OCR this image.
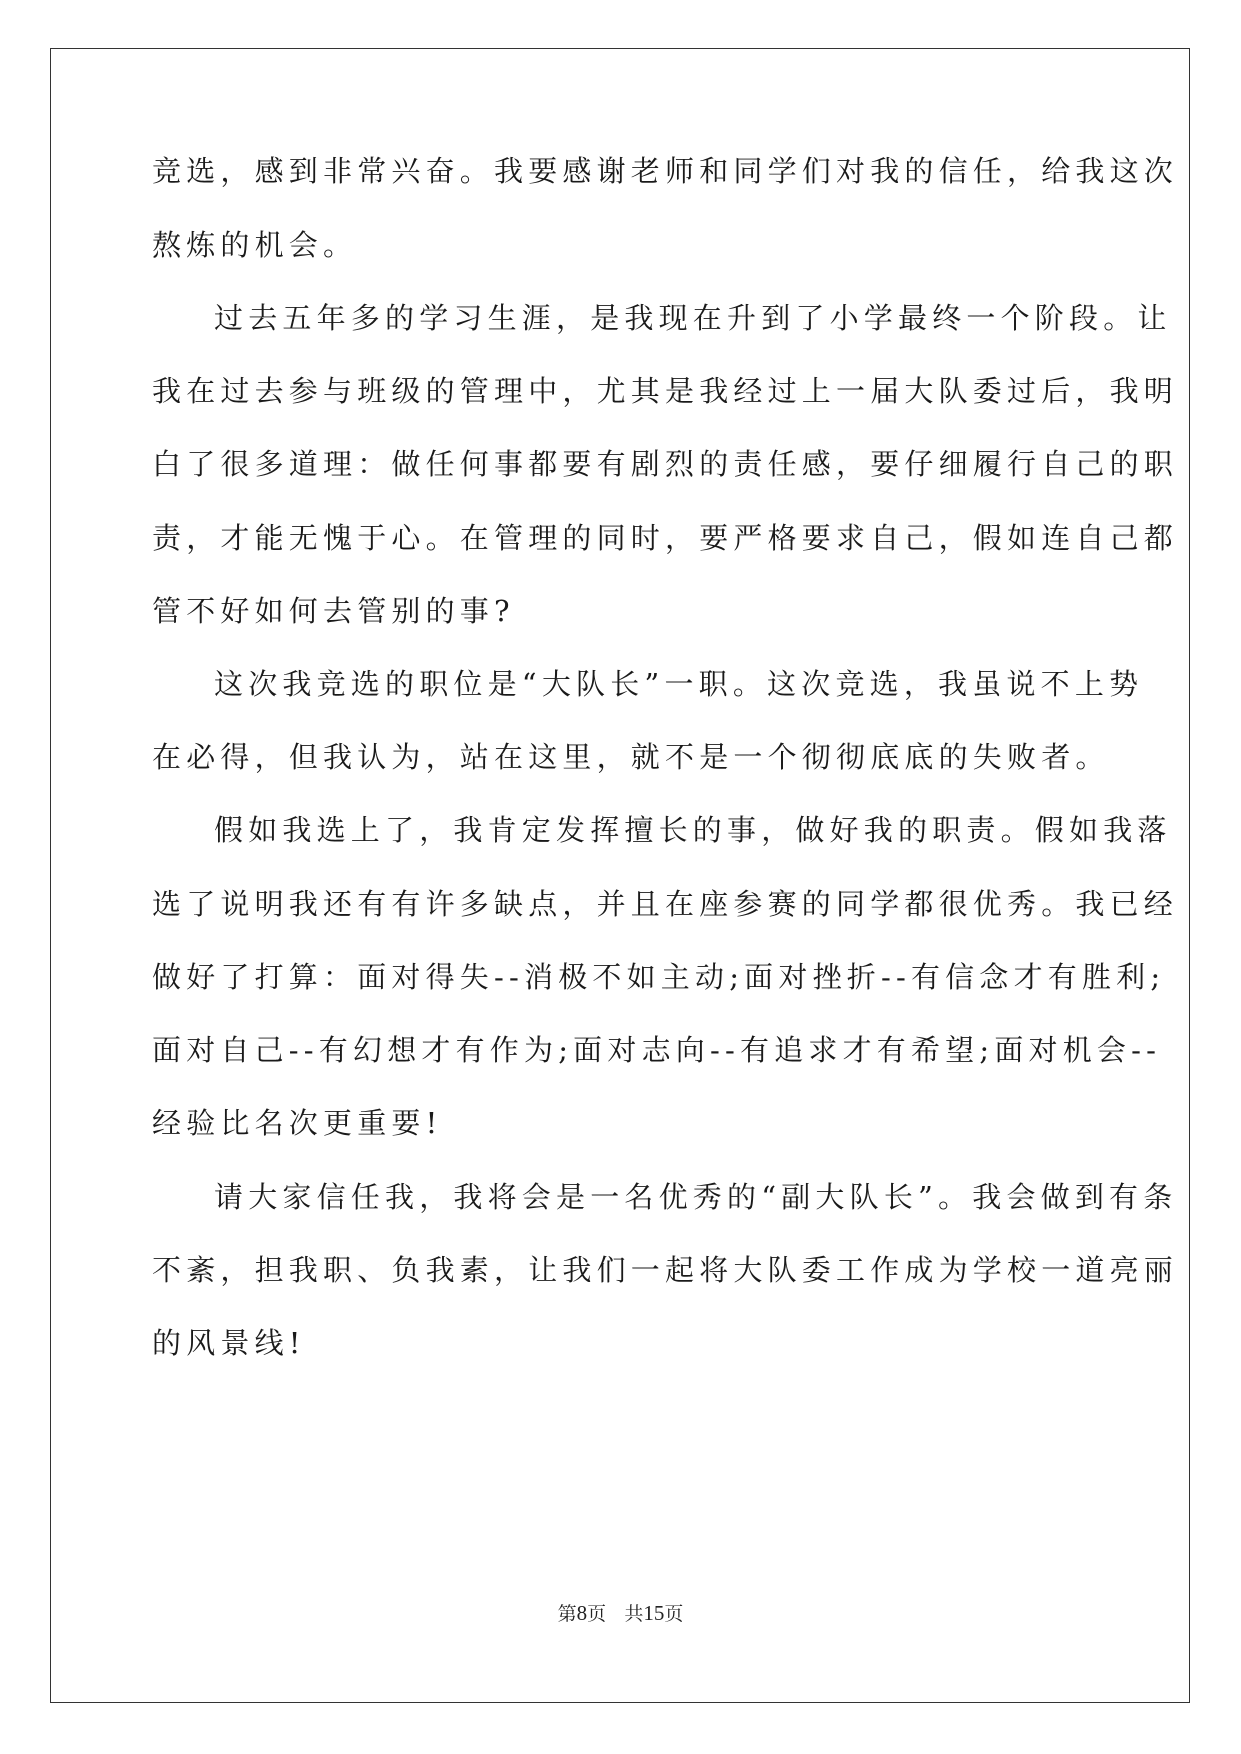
竞选，感到非常兴奋。我要感谢老师和同学们对我的信任，给我这次
熬炼的机会。
过去五年多的学习生涯，是我现在升到了小学最终一个阶段。让
我在过去参与班级的管理中，尤其是我经过上一届大队委过后，我明
白了很多道理：做任何事都要有剧烈的责任感，要仔细履行自己的职
责，才能无愧于心。在管理的同时，要严格要求自己，假如连自己都
管不好如何去管别的事?
这次我竞选的职位是“大队长”一职。这次竞选，我虽说不上势
在必得，但我认为，站在这里，就不是一个彻彻底底的失败者。
假如我选上了，我肯定发挥擅长的事，做好我的职责。假如我落
选了说明我还有有许多缺点，并且在座参赛的同学都很优秀。我已经
做好了打算：面对得失--消极不如主动;面对挫折--有信念才有胜利;
面对自己--有幻想才有作为;面对志向--有追求才有希望;面对机会--
经验比名次更重要!
请大家信任我，我将会是一名优秀的“副大队长”。我会做到有条
不紊，担我职、负我素，让我们一起将大队委工作成为学校一道亮丽
的风景线!
第8页 共15页
